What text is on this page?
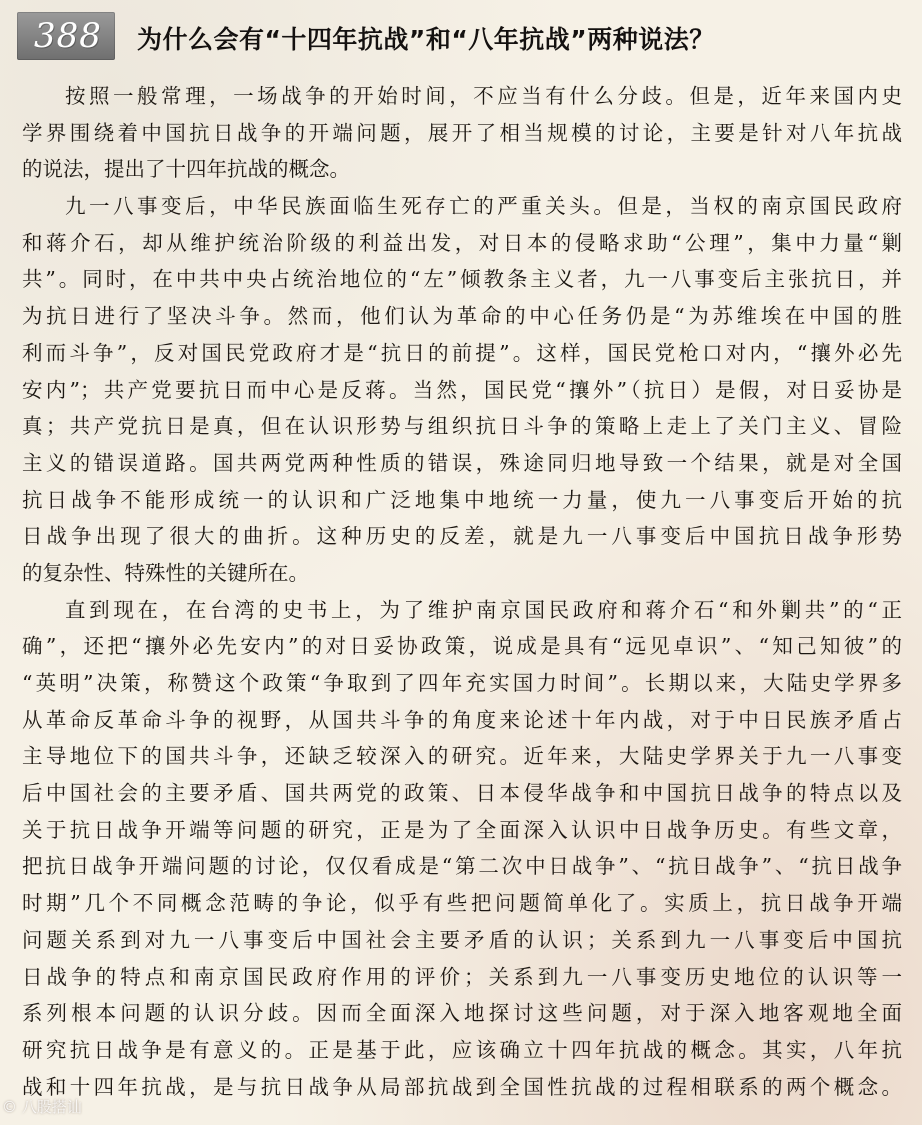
388 为什么会有“十四年抗战”和“八年抗战”两种说法？
按照一般常理，一场战争的开始时间，不应当有什么分歧。但是，近年来国内史
学界围绕着中国抗日战争的开端问题，展开了相当规模的讨论，主要是针对八年抗战
的说法，提出了十四年抗战的概念。
九一八事变后，中华民族面临生死存亡的严重关头。但是，当权的南京国民政府
和蒋介石，却从维护统治阶级的利益出发，对日本的侵略求助“公理”，集中力量“剿
共”。同时，在中共中央占统治地位的“左”倾教条主义者，九一八事变后主张抗日，并
为抗日进行了坚决斗争。然而，他们认为革命的中心任务仍是“为苏维埃在中国的胜
利而斗争”，反对国民党政府才是“抗日的前提”。这样，国民党枪口对内，“攘外必先
安内”；共产党要抗日而中心是反蒋。当然，国民党“攘外”（抗日）是假，对日妥协是
真；共产党抗日是真，但在认识形势与组织抗日斗争的策略上走上了关门主义、冒险
主义的错误道路。国共两党两种性质的错误，殊途同归地导致一个结果，就是对全国
抗日战争不能形成统一的认识和广泛地集中地统一力量，使九一八事变后开始的抗
日战争出现了很大的曲折。这种历史的反差，就是九一八事变后中国抗日战争形势
的复杂性、特殊性的关键所在。
直到现在，在台湾的史书上，为了维护南京国民政府和蒋介石“和外剿共”的“正
确”，还把“攘外必先安内”的对日妥协政策，说成是具有“远见卓识”、“知己知彼”的
“英明”决策，称赞这个政策“争取到了四年充实国力时间”。长期以来，大陆史学界多
从革命反革命斗争的视野，从国共斗争的角度来论述十年内战，对于中日民族矛盾占
主导地位下的国共斗争，还缺乏较深入的研究。近年来，大陆史学界关于九一八事变
后中国社会的主要矛盾、国共两党的政策、日本侵华战争和中国抗日战争的特点以及
关于抗日战争开端等问题的研究，正是为了全面深入认识中日战争历史。有些文章，
把抗日战争开端问题的讨论，仅仅看成是“第二次中日战争”、“抗日战争”、“抗日战争
时期”几个不同概念范畴的争论，似乎有些把问题简单化了。实质上，抗日战争开端
问题关系到对九一八事变后中国社会主要矛盾的认识；关系到九一八事变后中国抗
日战争的特点和南京国民政府作用的评价；关系到九一八事变历史地位的认识等一
系列根本问题的认识分歧。因而全面深入地探讨这些问题，对于深入地客观地全面
研究抗日战争是有意义的。正是基于此，应该确立十四年抗战的概念。其实，八年抗
战和十四年抗战，是与抗日战争从局部抗战到全国性抗战的过程相联系的两个概念。
© 八股搭讪
